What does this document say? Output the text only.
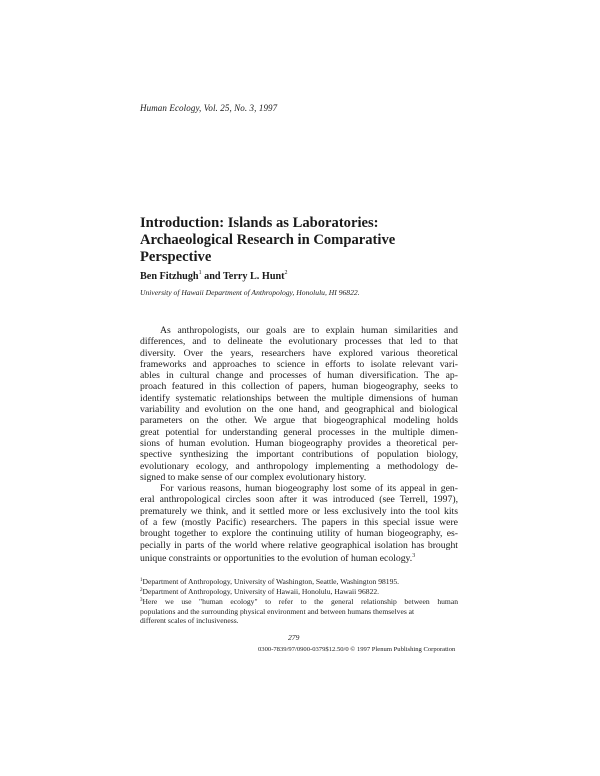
Human Ecology, Vol. 25, No. 3, 1997
Introduction: Islands as Laboratories:
Archaeological Research in Comparative
Perspective
Ben Fitzhugh$^1$ and Terry L. Hunt$^2$
University of Hawaii Department of Anthropology, Honolulu, HI 96822.
As anthropologists, our goals are to explain human similarities and
differences, and to delineate the evolutionary processes that led to that
diversity. Over the years, researchers have explored various theoretical
frameworks and approaches to science in efforts to isolate relevant vari-
ables in cultural change and processes of human diversification. The ap-
proach featured in this collection of papers, human biogeography, seeks to
identify systematic relationships between the multiple dimensions of human
variability and evolution on the one hand, and geographical and biological
parameters on the other. We argue that biogeographical modeling holds
great potential for understanding general processes in the multiple dimen-
sions of human evolution. Human biogeography provides a theoretical per-
spective synthesizing the important contributions of population biology,
evolutionary ecology, and anthropology implementing a methodology de-
signed to make sense of our complex evolutionary history.
For various reasons, human biogeography lost some of its appeal in gen-
eral anthropological circles soon after it was introduced (see Terrell, 1997),
prematurely we think, and it settled more or less exclusively into the tool kits
of a few (mostly Pacific) researchers. The papers in this special issue were
brought together to explore the continuing utility of human biogeography, es-
pecially in parts of the world where relative geographical isolation has brought
unique constraints or opportunities to the evolution of human ecology.$^3$
$^1$Department of Anthropology, University of Washington, Seattle, Washington 98195.
$^2$Department of Anthropology, University of Hawaii, Honolulu, Hawaii 96822.
$^3$Here we use "human ecology" to refer to the general relationship between human
populations and the surrounding physical environment and between humans themselves at
different scales of inclusiveness.
279
0300-7839/97/0900-0379$12.50/0 © 1997 Plenum Publishing Corporation
